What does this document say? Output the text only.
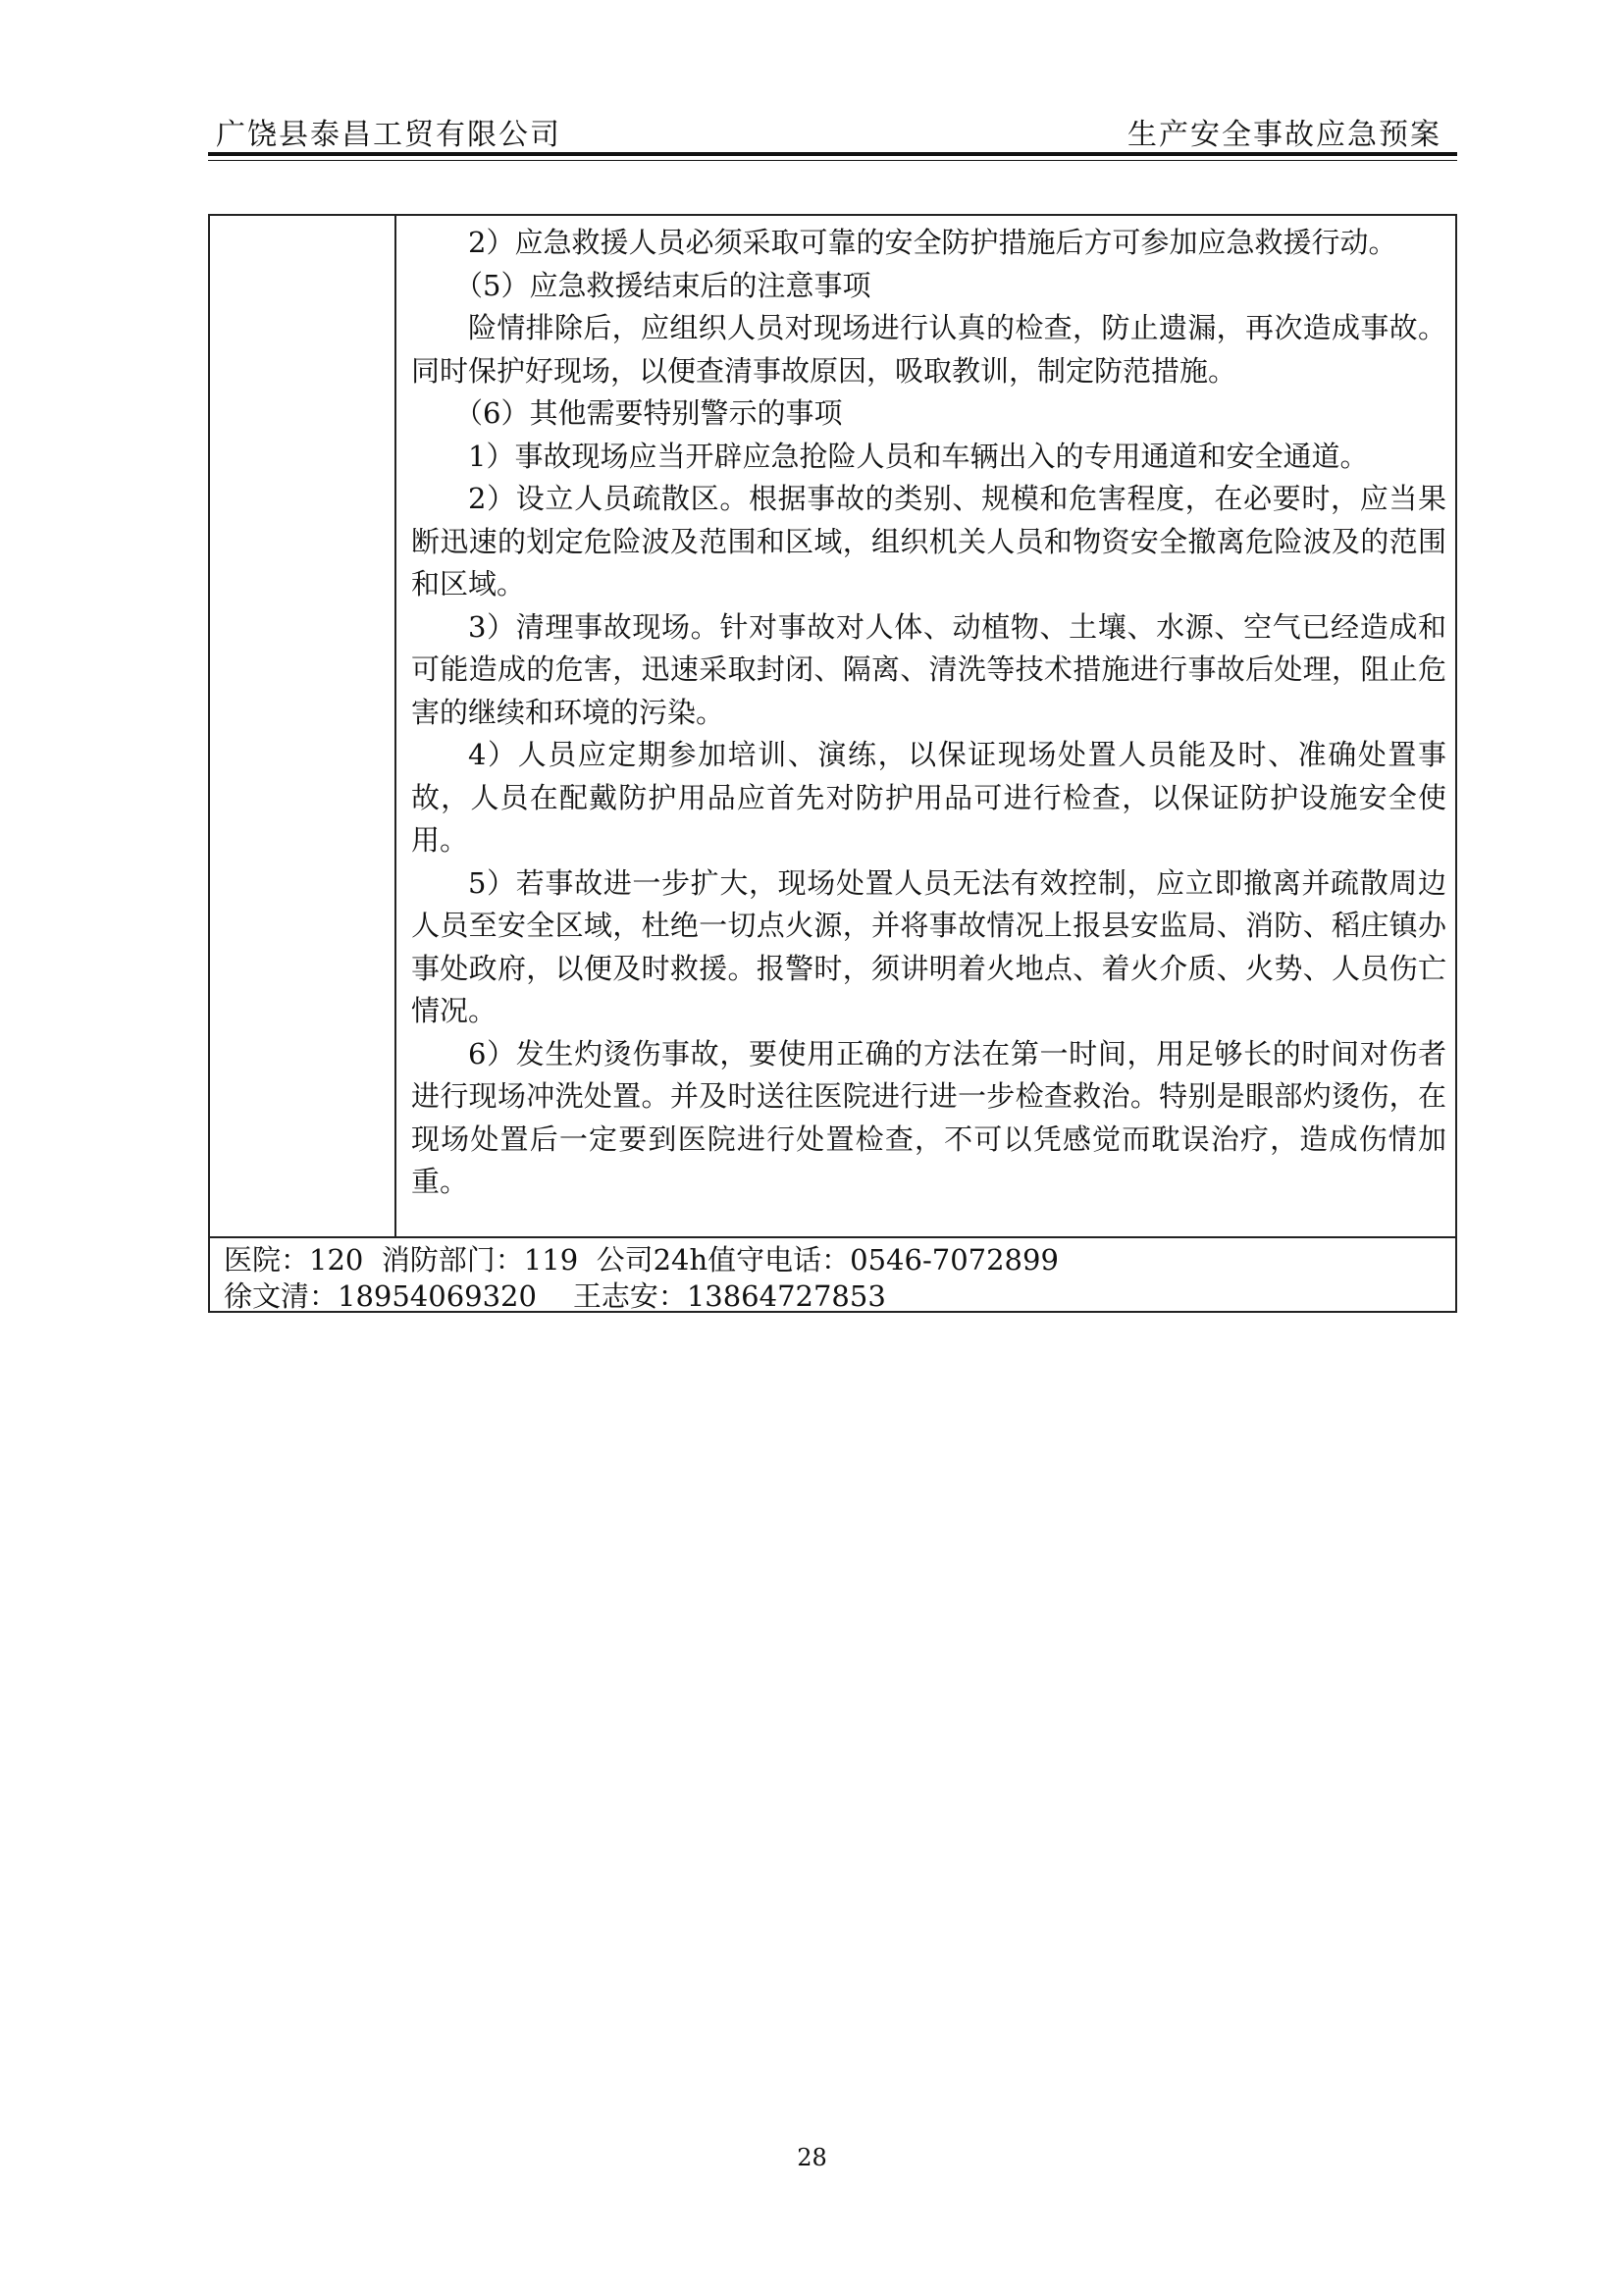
广饶县泰昌工贸有限公司	生产安全事故应急预案

2）应急救援人员必须采取可靠的安全防护措施后方可参加应急救援行动。

（5）应急救援结束后的注意事项

险情排除后，应组织人员对现场进行认真的检查，防止遗漏，再次造成事故。同时保护好现场，以便查清事故原因，吸取教训，制定防范措施。

（6）其他需要特别警示的事项

1）事故现场应当开辟应急抢险人员和车辆出入的专用通道和安全通道。

2）设立人员疏散区。根据事故的类别、规模和危害程度，在必要时，应当果断迅速的划定危险波及范围和区域，组织机关人员和物资安全撤离危险波及的范围和区域。

3）清理事故现场。针对事故对人体、动植物、土壤、水源、空气已经造成和可能造成的危害，迅速采取封闭、隔离、清洗等技术措施进行事故后处理，阻止危害的继续和环境的污染。

4）人员应定期参加培训、演练，以保证现场处置人员能及时、准确处置事故，人员在配戴防护用品应首先对防护用品可进行检查，以保证防护设施安全使用。

5）若事故进一步扩大，现场处置人员无法有效控制，应立即撤离并疏散周边人员至安全区域，杜绝一切点火源，并将事故情况上报县安监局、消防、稻庄镇办事处政府，以便及时救援。报警时，须讲明着火地点、着火介质、火势、人员伤亡情况。

6）发生灼烫伤事故，要使用正确的方法在第一时间，用足够长的时间对伤者进行现场冲洗处置。并及时送往医院进行进一步检查救治。特别是眼部灼烫伤，在现场处置后一定要到医院进行处置检查，不可以凭感觉而耽误治疗，造成伤情加重。

医院：120  消防部门：119  公司24h值守电话：0546-7072899
徐文清：18954069320    王志安：13864727853
28
